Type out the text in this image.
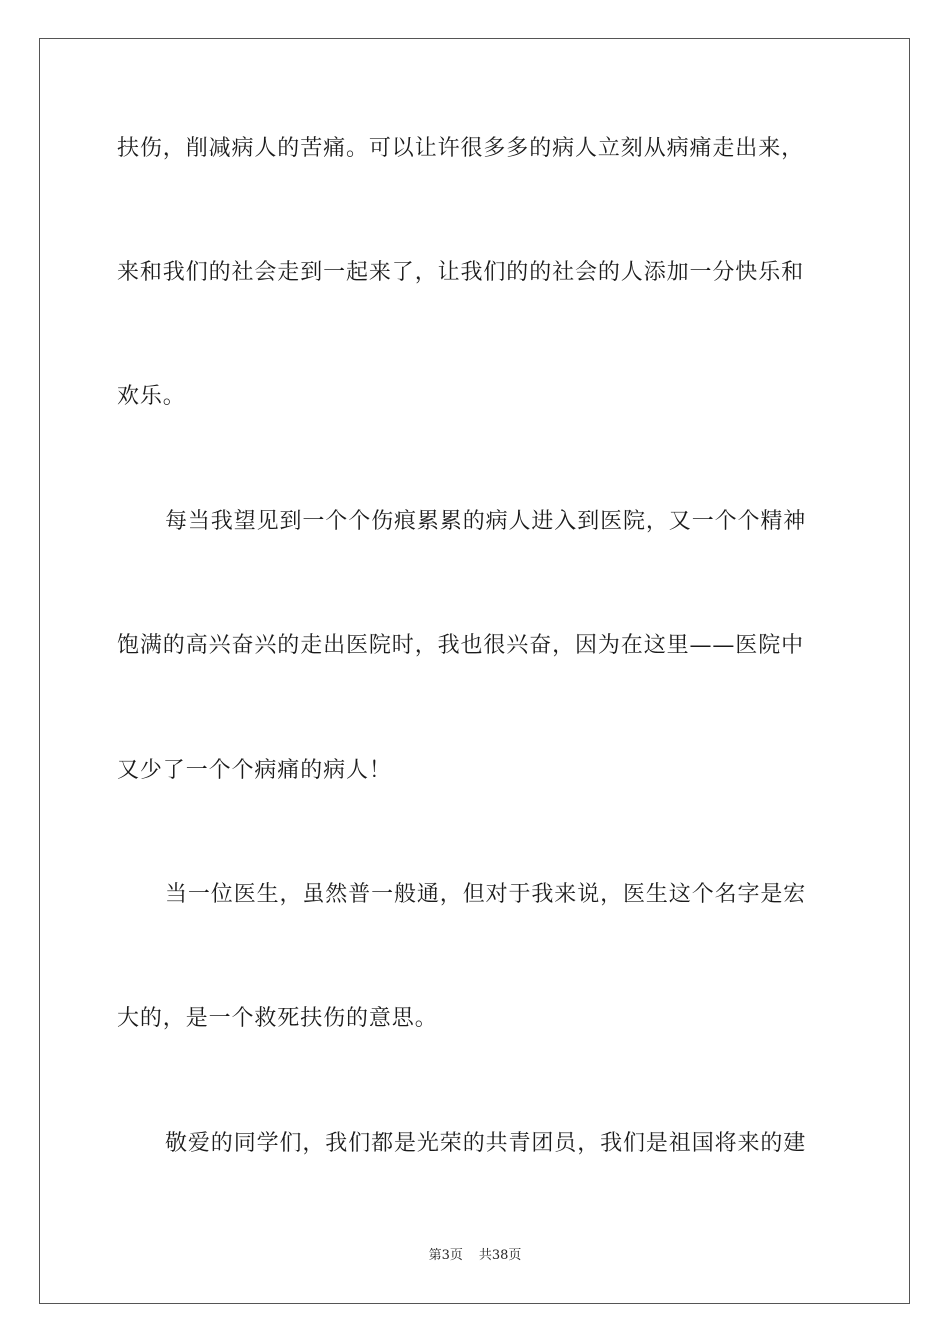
扶伤，削减病人的苦痛。可以让许很多多的病人立刻从病痛走出来，
来和我们的社会走到一起来了，让我们的的社会的人添加一分快乐和
欢乐。
每当我望见到一个个伤痕累累的病人进入到医院，又一个个精神
饱满的高兴奋兴的走出医院时，我也很兴奋，因为在这里——医院中
又少了一个个病痛的病人！
当一位医生，虽然普一般通，但对于我来说，医生这个名字是宏
大的，是一个救死扶伤的意思。
敬爱的同学们，我们都是光荣的共青团员，我们是祖国将来的建
第3页 共38页
